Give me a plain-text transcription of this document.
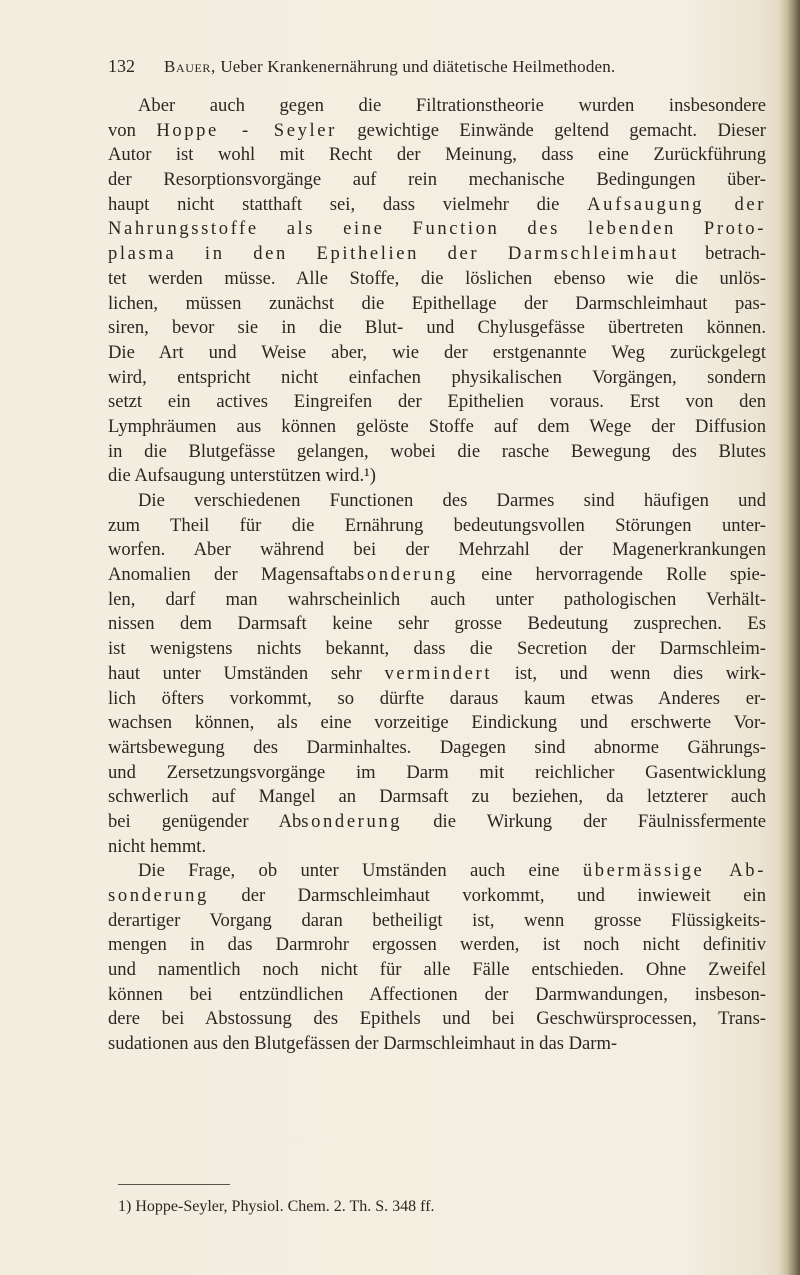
132 Bauer, Ueber Krankenernährung und diätetische Heilmethoden.
Aber auch gegen die Filtrationstheorie wurden insbesondere
von Hoppe - Seyler gewichtige Einwände geltend gemacht. Dieser
Autor ist wohl mit Recht der Meinung, dass eine Zurückführung
der Resorptionsvorgänge auf rein mechanische Bedingungen über-
haupt nicht statthaft sei, dass vielmehr die Aufsaugung der
Nahrungsstoffe als eine Function des lebenden Proto-
plasma in den Epithelien der Darmschleimhaut betrach-
tet werden müsse. Alle Stoffe, die löslichen ebenso wie die unlös-
lichen, müssen zunächst die Epithellage der Darmschleimhaut pas-
siren, bevor sie in die Blut- und Chylusgefässe übertreten können.
Die Art und Weise aber, wie der erstgenannte Weg zurückgelegt
wird, entspricht nicht einfachen physikalischen Vorgängen, sondern
setzt ein actives Eingreifen der Epithelien voraus. Erst von den
Lymphräumen aus können gelöste Stoffe auf dem Wege der Diffusion
in die Blutgefässe gelangen, wobei die rasche Bewegung des Blutes
die Aufsaugung unterstützen wird.¹)
Die verschiedenen Functionen des Darmes sind häufigen und
zum Theil für die Ernährung bedeutungsvollen Störungen unter-
worfen. Aber während bei der Mehrzahl der Magenerkrankungen
Anomalien der Magensaftabsonderung eine hervorragende Rolle spie-
len, darf man wahrscheinlich auch unter pathologischen Verhält-
nissen dem Darmsaft keine sehr grosse Bedeutung zusprechen. Es
ist wenigstens nichts bekannt, dass die Secretion der Darmschleim-
haut unter Umständen sehr vermindert ist, und wenn dies wirk-
lich öfters vorkommt, so dürfte daraus kaum etwas Anderes er-
wachsen können, als eine vorzeitige Eindickung und erschwerte Vor-
wärtsbewegung des Darminhaltes. Dagegen sind abnorme Gährungs-
und Zersetzungsvorgänge im Darm mit reichlicher Gasentwicklung
schwerlich auf Mangel an Darmsaft zu beziehen, da letzterer auch
bei genügender Absonderung die Wirkung der Fäulnissfermente
nicht hemmt.
Die Frage, ob unter Umständen auch eine übermässige Ab-
sonderung der Darmschleimhaut vorkommt, und inwieweit ein
derartiger Vorgang daran betheiligt ist, wenn grosse Flüssigkeits-
mengen in das Darmrohr ergossen werden, ist noch nicht definitiv
und namentlich noch nicht für alle Fälle entschieden. Ohne Zweifel
können bei entzündlichen Affectionen der Darmwandungen, insbeson-
dere bei Abstossung des Epithels und bei Geschwürsprocessen, Trans-
sudationen aus den Blutgefässen der Darmschleimhaut in das Darm-
1) Hoppe-Seyler, Physiol. Chem. 2. Th. S. 348 ff.
